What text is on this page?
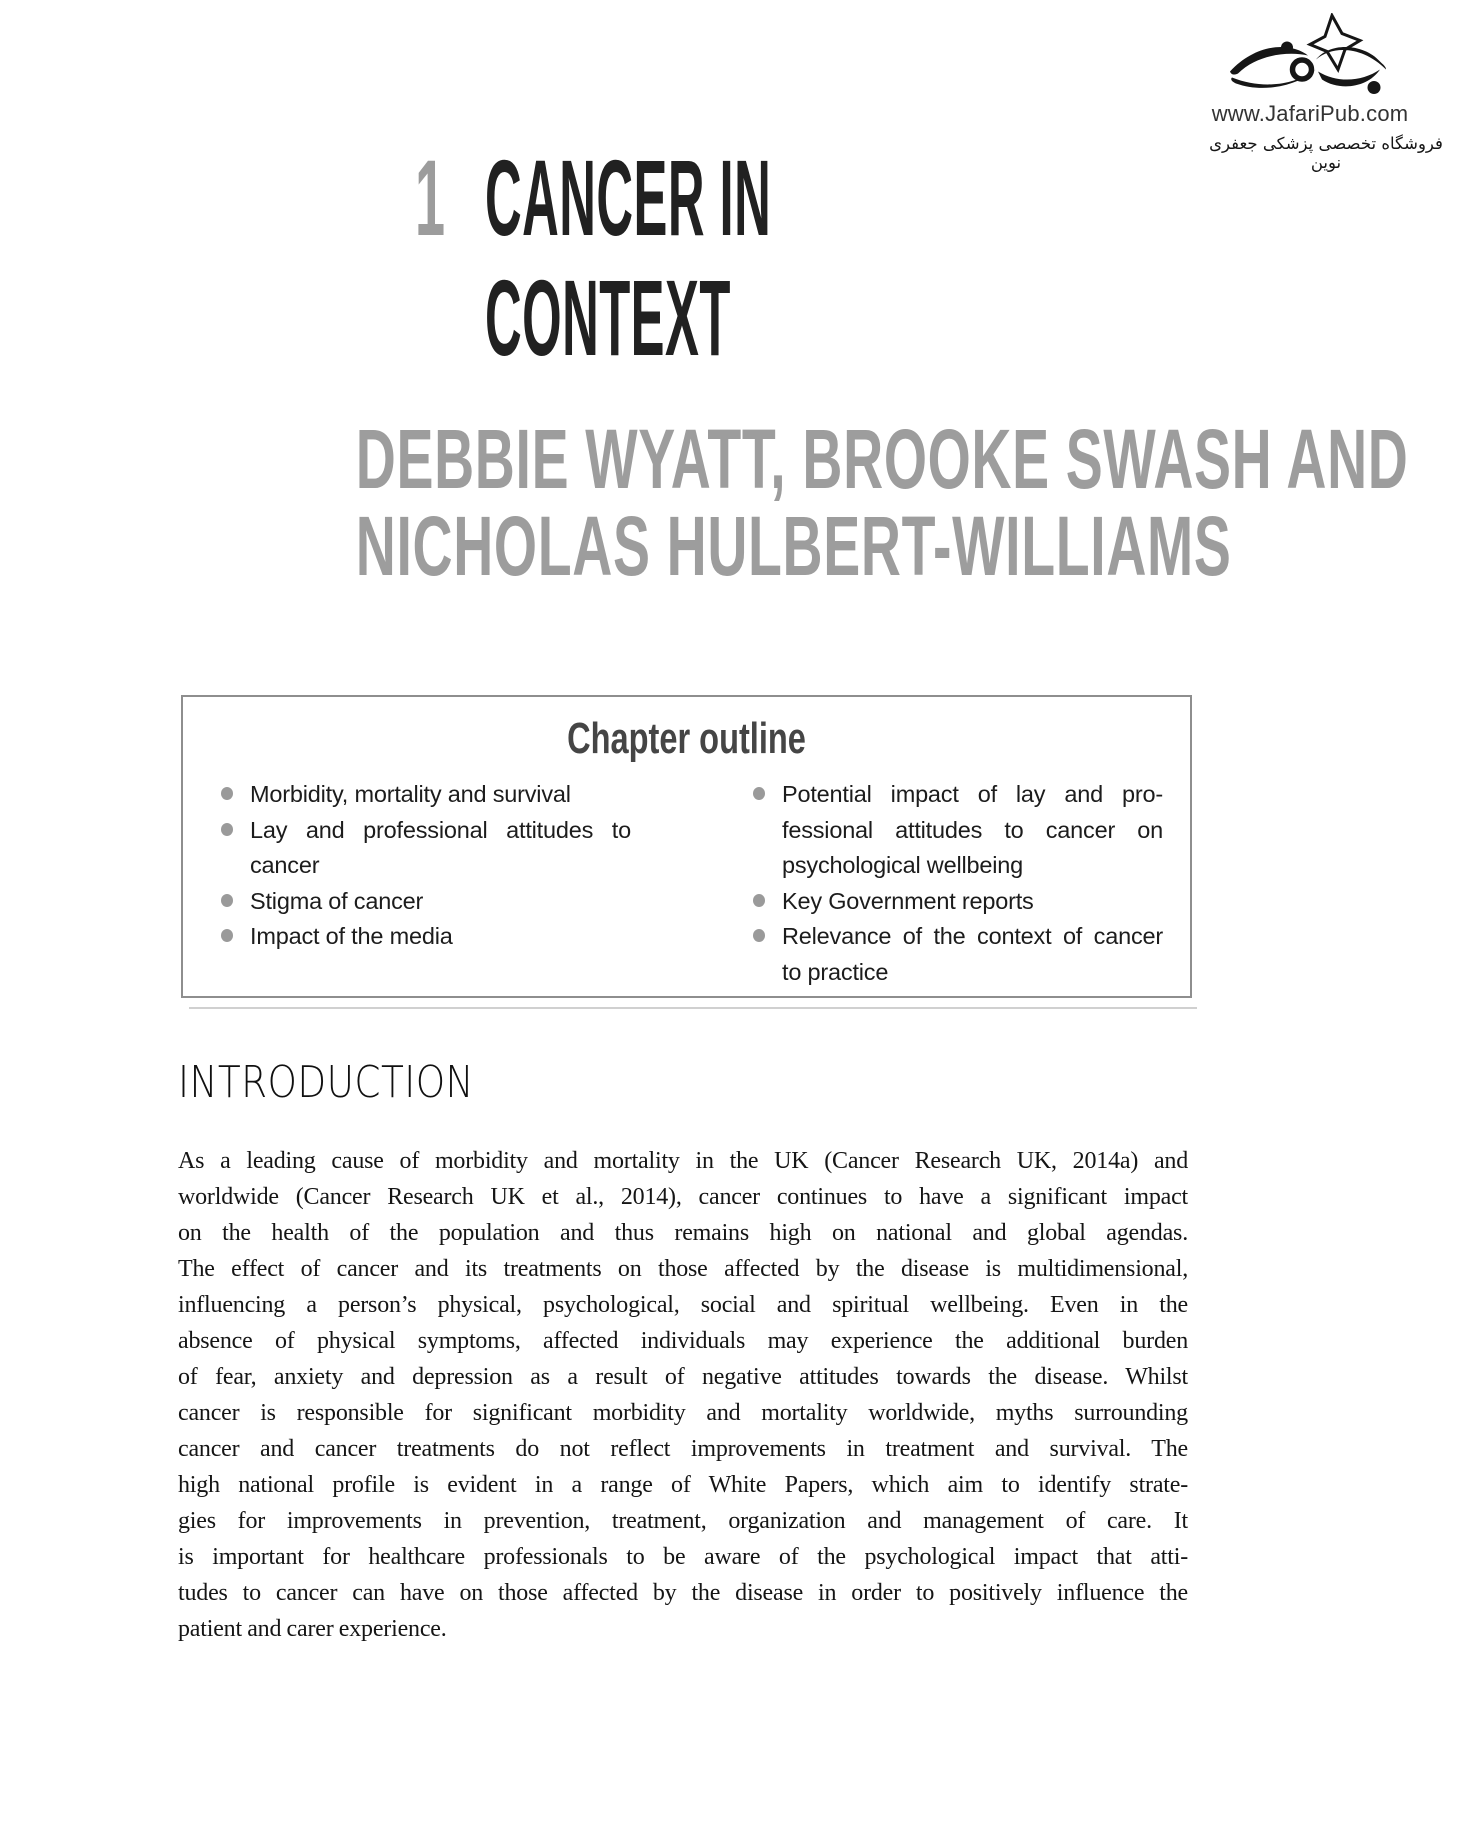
www.JafariPub.com
فروشگاه تخصصی پزشکی جعفری نوین
1 CANCER IN
CONTEXT
DEBBIE WYATT, BROOKE SWASH AND
NICHOLAS HULBERT-WILLIAMS
Chapter outline
Morbidity, mortality and survival
Lay and professional attitudes to
cancer
Stigma of cancer
Impact of the media
Potential impact of lay and pro-
fessional attitudes to cancer on
psychological wellbeing
Key Government reports
Relevance of the context of cancer
to practice
INTRODUCTION
As a leading cause of morbidity and mortality in the UK (Cancer Research UK, 2014a) and
worldwide (Cancer Research UK et al., 2014), cancer continues to have a significant impact
on the health of the population and thus remains high on national and global agendas.
The effect of cancer and its treatments on those affected by the disease is multidimensional,
influencing a person’s physical, psychological, social and spiritual wellbeing. Even in the
absence of physical symptoms, affected individuals may experience the additional burden
of fear, anxiety and depression as a result of negative attitudes towards the disease. Whilst
cancer is responsible for significant morbidity and mortality worldwide, myths surrounding
cancer and cancer treatments do not reflect improvements in treatment and survival. The
high national profile is evident in a range of White Papers, which aim to identify strate-
gies for improvements in prevention, treatment, organization and management of care. It
is important for healthcare professionals to be aware of the psychological impact that atti-
tudes to cancer can have on those affected by the disease in order to positively influence the
patient and carer experience.
